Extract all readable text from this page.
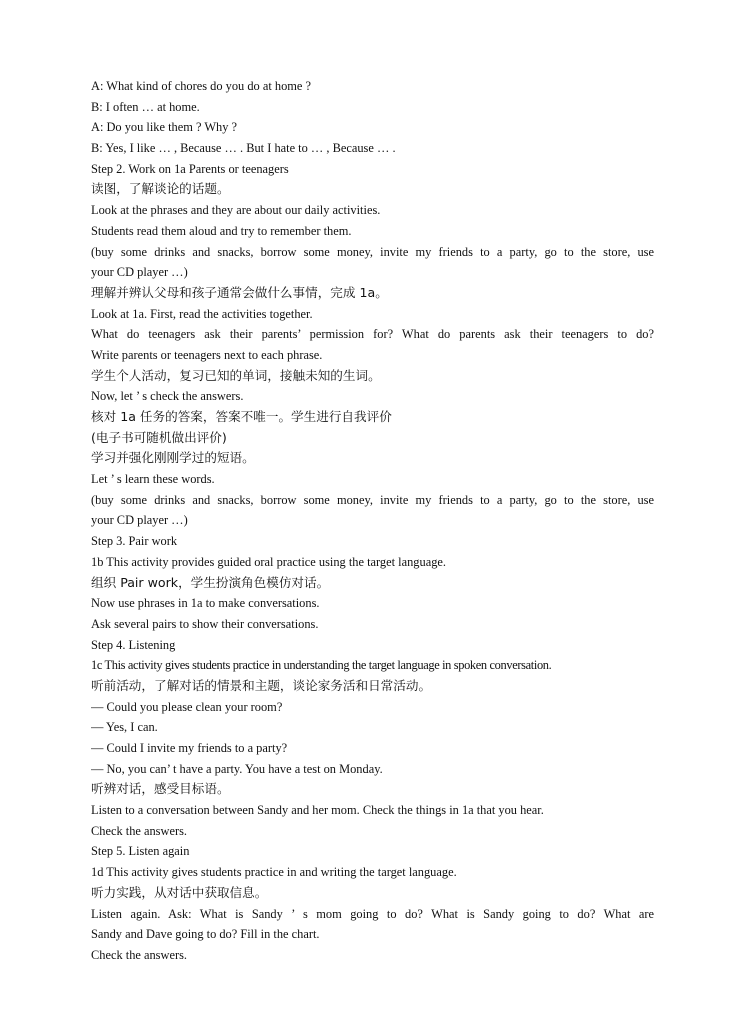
A: What kind of chores do you do at home ?
B: I often … at home.
A: Do you like them ? Why ?
B: Yes, I like … , Because … . But I hate to … , Because … .
Step 2. Work on 1a Parents or teenagers
读图，了解谈论的话题。
Look at the phrases and they are about our daily activities.
Students read them aloud and try to remember them.
(buy some drinks and snacks, borrow some money, invite my friends to a party, go to the store, use
your CD player …)
理解并辨认父母和孩子通常会做什么事情，完成 1a。
Look at 1a. First, read the activities together.
What do teenagers ask their parents’ permission for? What do parents ask their teenagers to do?
Write parents or teenagers next to each phrase.
学生个人活动，复习已知的单词，接触未知的生词。
Now, let ’ s check the answers.
核对 1a 任务的答案，答案不唯一。学生进行自我评价
(电子书可随机做出评价)
学习并强化刚刚学过的短语。
Let ’ s learn these words.
(buy some drinks and snacks, borrow some money, invite my friends to a party, go to the store, use
your CD player …)
Step 3. Pair work
1b This activity provides guided oral practice using the target language.
组织 Pair work，学生扮演角色模仿对话。
Now use phrases in 1a to make conversations.
Ask several pairs to show their conversations.
Step 4. Listening
1c This activity gives students practice in understanding the target language in spoken conversation.
听前活动，了解对话的情景和主题，谈论家务活和日常活动。
— Could you please clean your room?
— Yes, I can.
— Could I invite my friends to a party?
— No, you can’ t have a party. You have a test on Monday.
听辨对话，感受目标语。
Listen to a conversation between Sandy and her mom. Check the things in 1a that you hear.
Check the answers.
Step 5. Listen again
1d This activity gives students practice in and writing the target language.
听力实践，从对话中获取信息。
Listen again. Ask: What is Sandy ’ s mom going to do? What is Sandy going to do? What are
Sandy and Dave going to do? Fill in the chart.
Check the answers.
